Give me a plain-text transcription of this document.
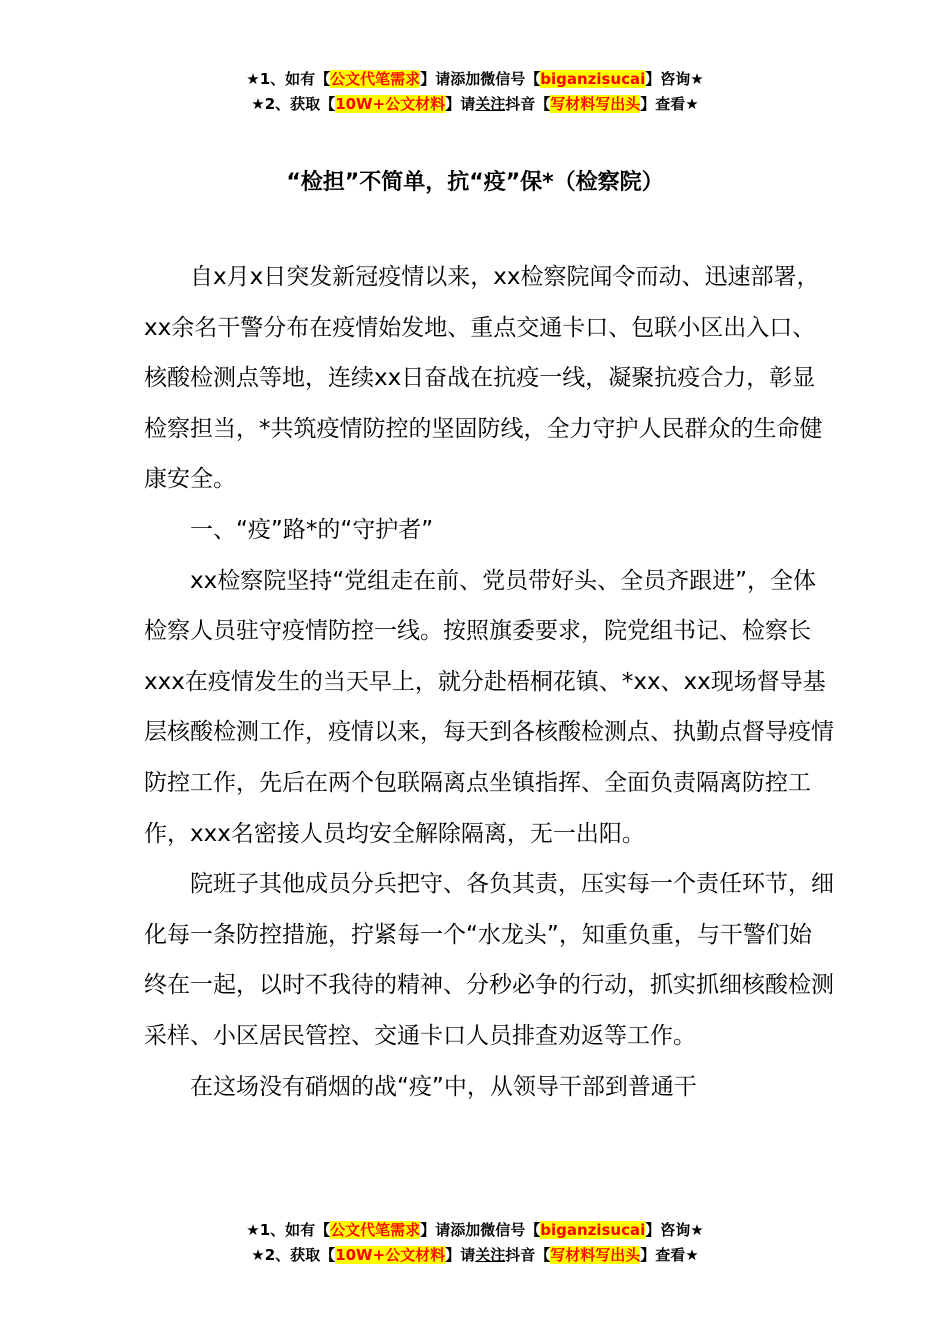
★1、如有【公文代笔需求】请添加微信号【biganzisucai】咨询★
★2、获取【10W+公文材料】请关注抖音【写材料写出头】查看★
“检担”不简单，抗“疫”保*（检察院）

自x月x日突发新冠疫情以来，xx检察院闻令而动、迅速部署，xx余名干警分布在疫情始发地、重点交通卡口、包联小区出入口、核酸检测点等地，连续xx日奋战在抗疫一线，凝聚抗疫合力，彰显检察担当，*共筑疫情防控的坚固防线，全力守护人民群众的生命健康安全。

一、“疫”路*的“守护者”

xx检察院坚持“党组走在前、党员带好头、全员齐跟进”，全体检察人员驻守疫情防控一线。按照旗委要求，院党组书记、检察长xxx在疫情发生的当天早上，就分赴梧桐花镇、*xx、xx现场督导基层核酸检测工作，疫情以来，每天到各核酸检测点、执勤点督导疫情防控工作，先后在两个包联隔离点坐镇指挥、全面负责隔离防控工作，xxx名密接人员均安全解除隔离，无一出阳。

院班子其他成员分兵把守、各负其责，压实每一个责任环节，细化每一条防控措施，拧紧每一个“水龙头”，知重负重，与干警们始终在一起，以时不我待的精神、分秒必争的行动，抓实抓细核酸检测采样、小区居民管控、交通卡口人员排查劝返等工作。

在这场没有硝烟的战“疫”中，从领导干部到普通干

★1、如有【公文代笔需求】请添加微信号【biganzisucai】咨询★
★2、获取【10W+公文材料】请关注抖音【写材料写出头】查看★
